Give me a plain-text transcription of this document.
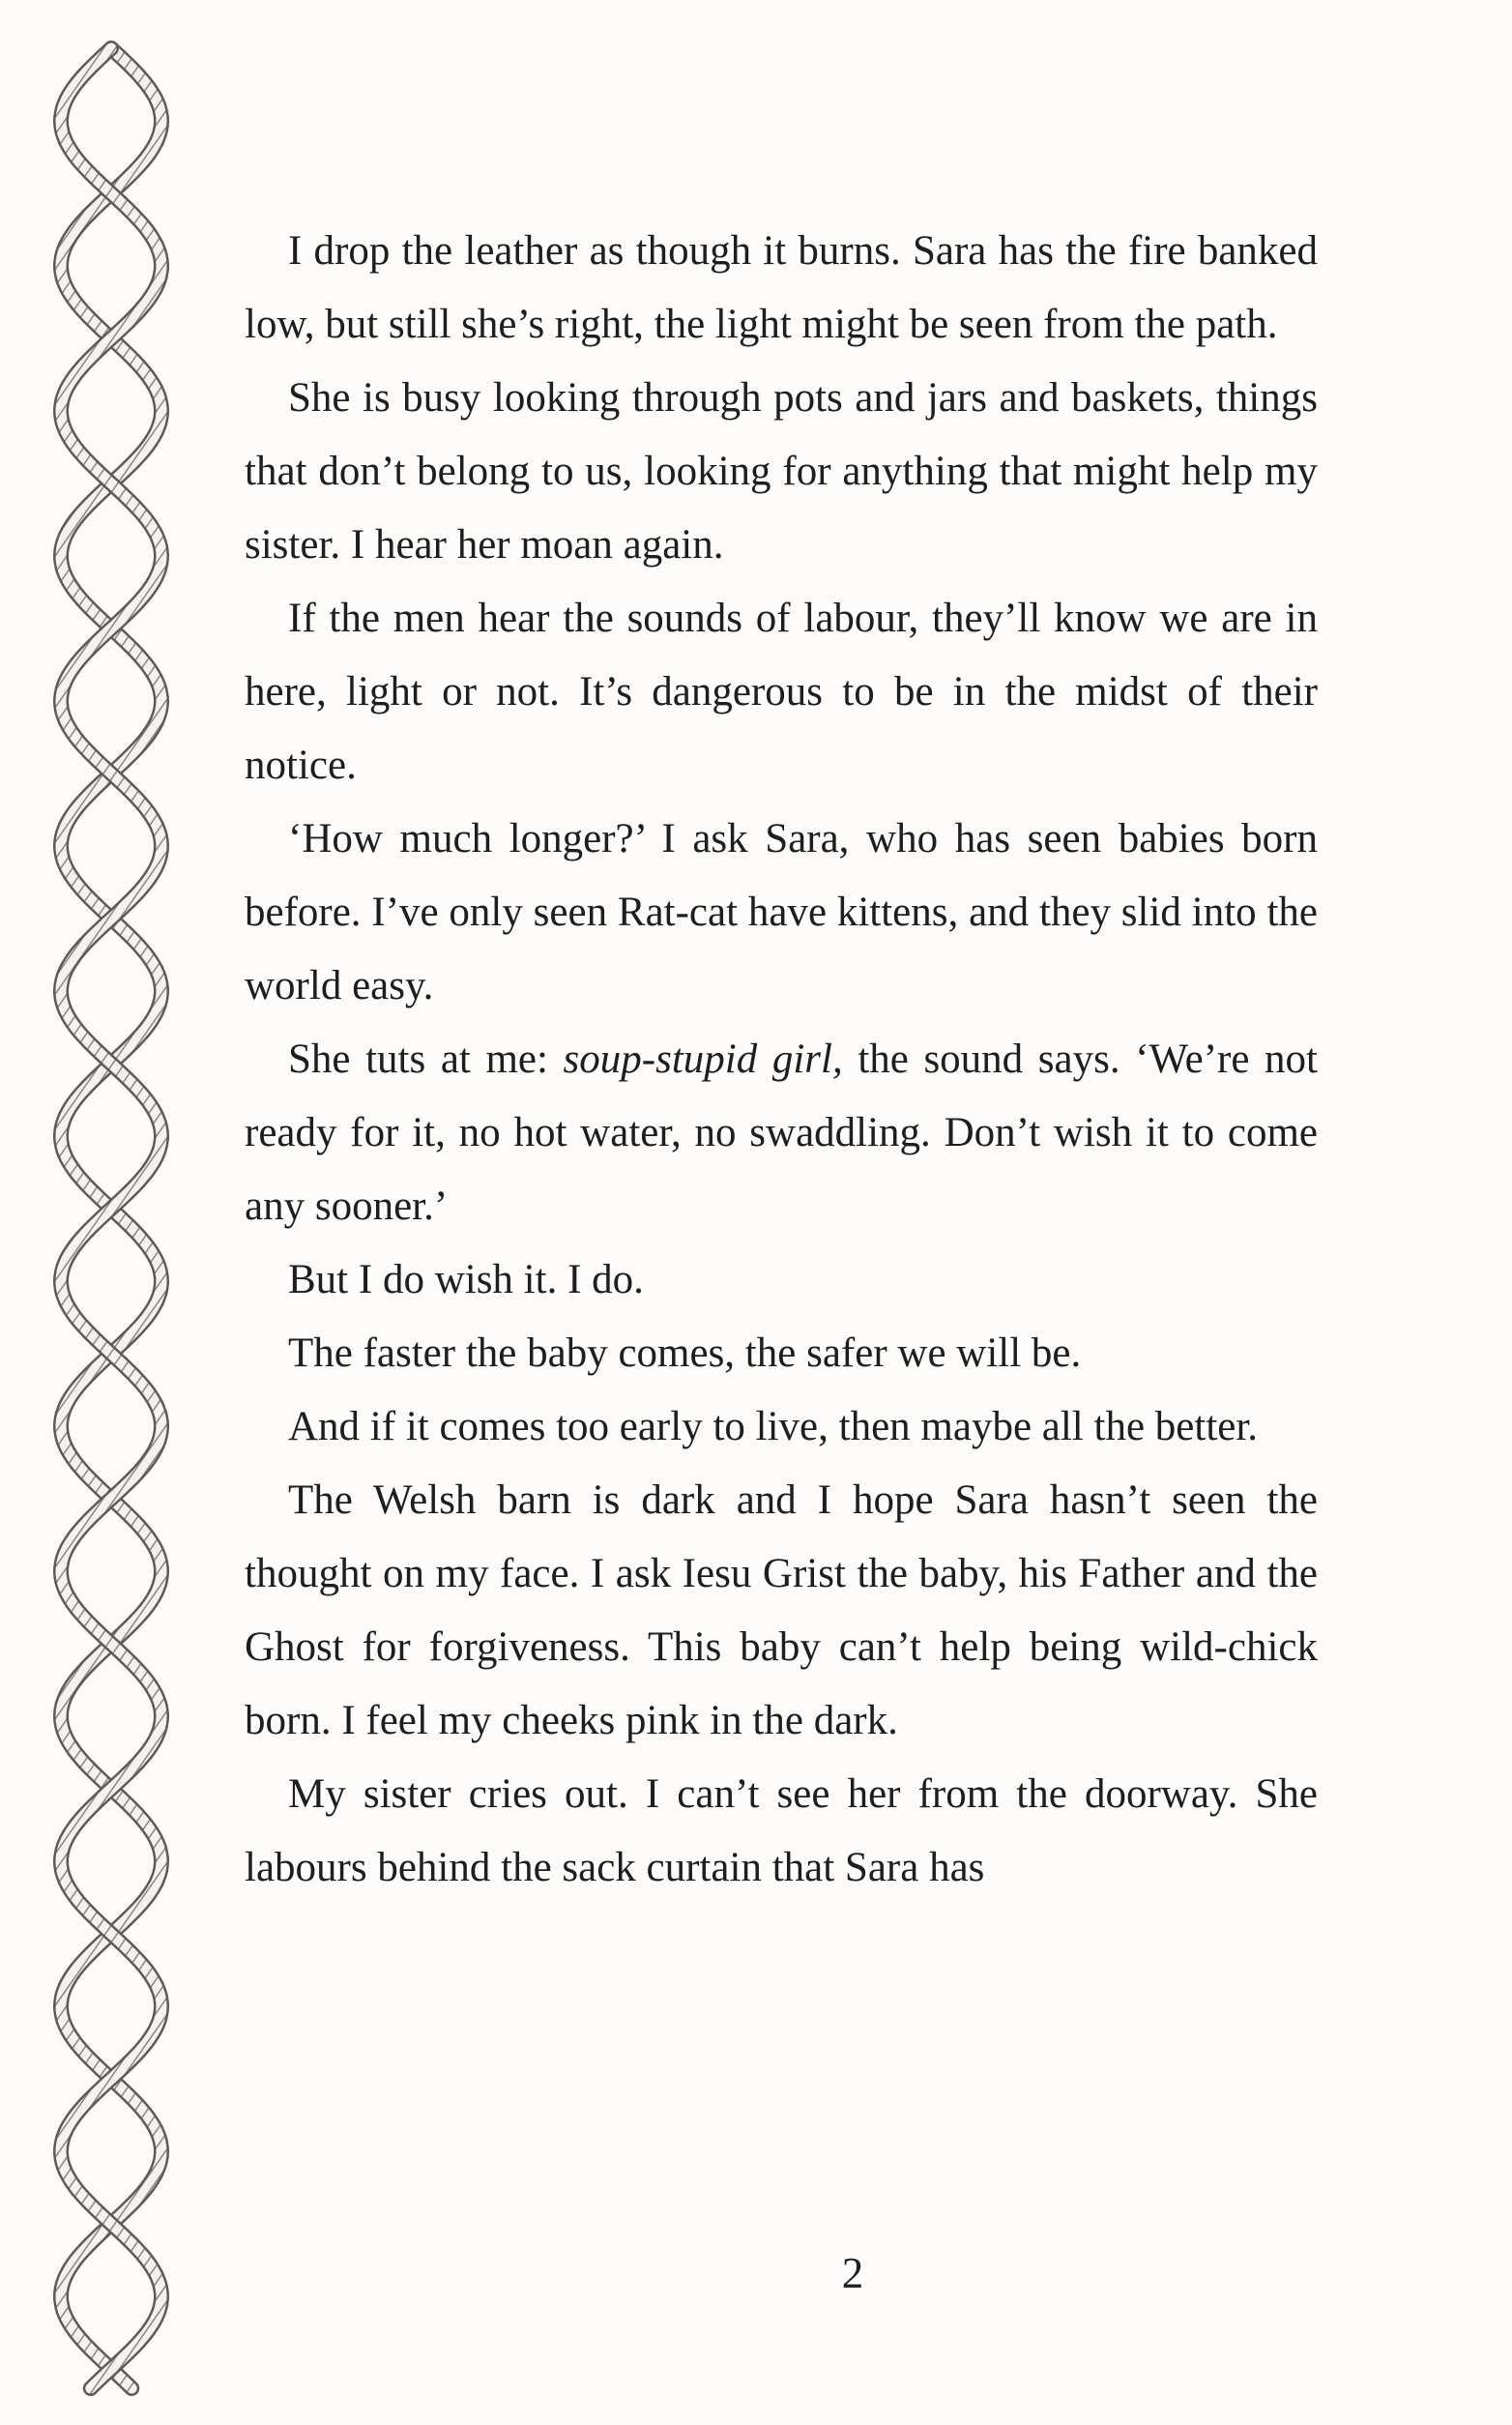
I drop the leather as though it burns. Sara has the fire banked low, but still she’s right, the light might be seen from the path.

She is busy looking through pots and jars and baskets, things that don’t belong to us, looking for anything that might help my sister. I hear her moan again.

If the men hear the sounds of labour, they’ll know we are in here, light or not. It’s dangerous to be in the midst of their notice.

‘How much longer?’ I ask Sara, who has seen babies born before. I’ve only seen Rat-cat have kittens, and they slid into the world easy.

She tuts at me: soup-stupid girl, the sound says. ‘We’re not ready for it, no hot water, no swaddling. Don’t wish it to come any sooner.’

But I do wish it. I do.

The faster the baby comes, the safer we will be.

And if it comes too early to live, then maybe all the better.

The Welsh barn is dark and I hope Sara hasn’t seen the thought on my face. I ask Iesu Grist the baby, his Father and the Ghost for forgiveness. This baby can’t help being wild-chick born. I feel my cheeks pink in the dark.

My sister cries out. I can’t see her from the doorway. She labours behind the sack curtain that Sara has

2
